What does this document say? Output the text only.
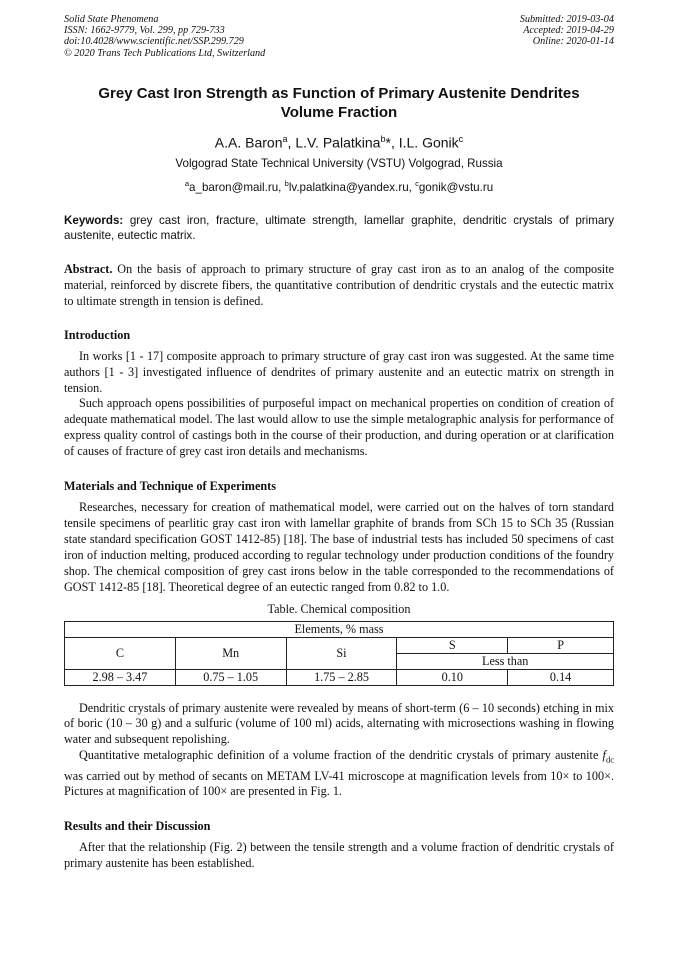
Solid State Phenomena
ISSN: 1662-9779, Vol. 299, pp 729-733
doi:10.4028/www.scientific.net/SSP.299.729
© 2020 Trans Tech Publications Ltd, Switzerland
Submitted: 2019-03-04
Accepted: 2019-04-29
Online: 2020-01-14
Grey Cast Iron Strength as Function of Primary Austenite Dendrites
Volume Fraction
A.A. Baron$^a$, L.V. Palatkina$^b$*, I.L. Gonik$^c$
Volgograd State Technical University (VSTU) Volgograd, Russia
$^a$a_baron@mail.ru, $^b$lv.palatkina@yandex.ru, $^c$gonik@vstu.ru
Keywords: grey cast iron, fracture, ultimate strength, lamellar graphite, dendritic crystals of primary austenite, eutectic matrix.
Abstract. On the basis of approach to primary structure of gray cast iron as to an analog of the composite material, reinforced by discrete fibers, the quantitative contribution of dendritic crystals and the eutectic matrix to ultimate strength in tension is defined.
Introduction

In works [1 - 17] composite approach to primary structure of gray cast iron was suggested. At the same time authors [1 - 3] investigated influence of dendrites of primary austenite and an eutectic matrix on strength in tension.

Such approach opens possibilities of purposeful impact on mechanical properties on condition of creation of adequate mathematical model. The last would allow to use the simple metalographic analysis for performance of express quality control of castings both in the course of their production, and during operation or at clarification of causes of fracture of grey cast iron details and mechanisms.

Materials and Technique of Experiments

Researches, necessary for creation of mathematical model, were carried out on the halves of torn standard tensile specimens of pearlitic gray cast iron with lamellar graphite of brands from SCh 15 to SCh 35 (Russian state standard specification GOST 1412-85) [18]. The base of industrial tests has included 50 specimens of cast iron of induction melting, produced according to regular technology under production conditions of the foundry shop. The chemical composition of grey cast irons below in the table corresponded to the recommendations of GOST 1412-85 [18]. Theoretical degree of an eutectic ranged from 0.82 to 1.0.

Table. Chemical composition
Elements, % mass				
C	Mn	Si	S	P
			Less than	
2.98 – 3.47	0.75 – 1.05	1.75 – 2.85	0.10	0.14

Dendritic crystals of primary austenite were revealed by means of short-term (6 – 10 seconds) etching in mix of boric (10 – 30 g) and a sulfuric (volume of 100 ml) acids, alternating with microsections washing in flowing water and subsequent repolishing.

Quantitative metalographic definition of a volume fraction of the dendritic crystals of primary austenite $f_{dc}$ was carried out by method of secants on METAM LV-41 microscope at magnification levels from 10× to 100×. Pictures at magnification of 100× are presented in Fig. 1.

Results and their Discussion

After that the relationship (Fig. 2) between the tensile strength and a volume fraction of dendritic crystals of primary austenite has been established.
